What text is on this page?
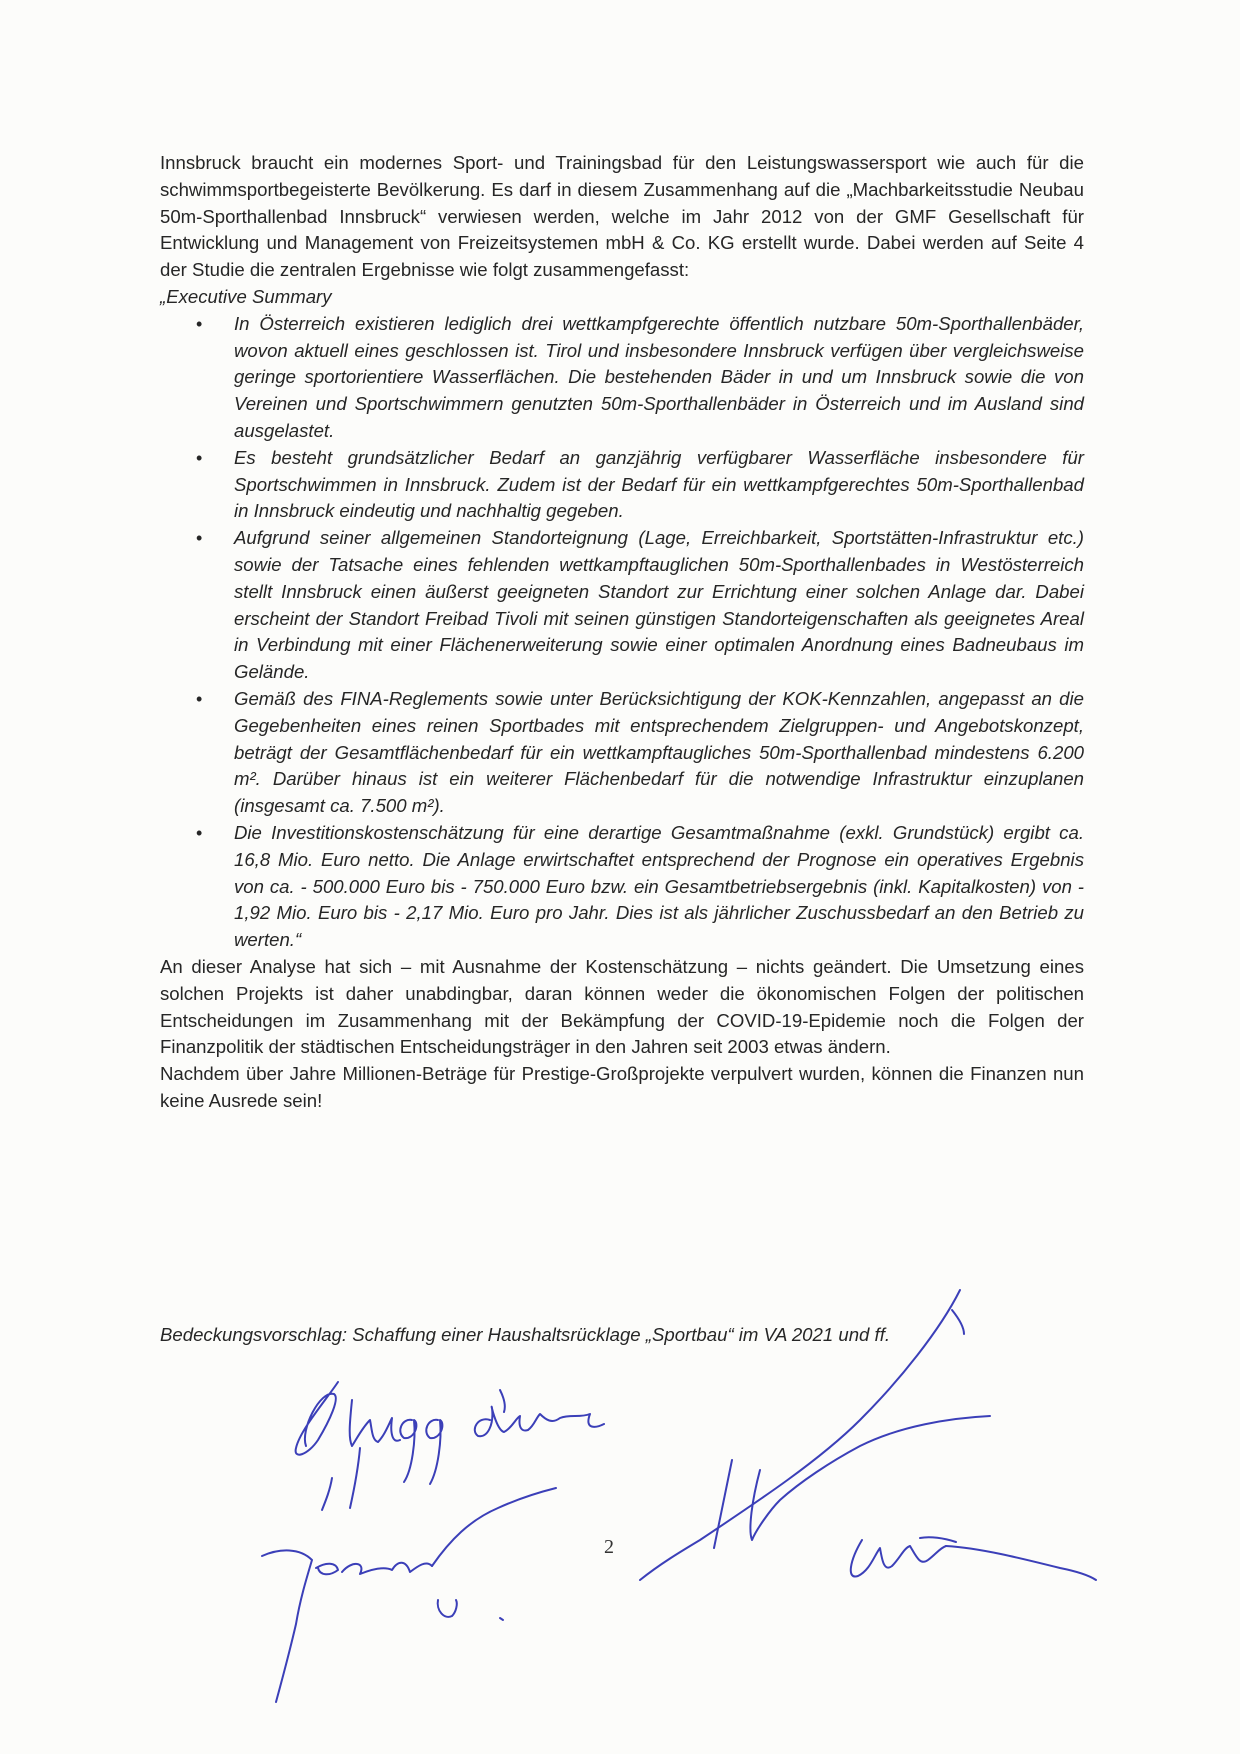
Innsbruck braucht ein modernes Sport- und Trainingsbad für den Leistungswassersport wie auch für die schwimmsportbegeisterte Bevölkerung. Es darf in diesem Zusammenhang auf die „Machbarkeitsstudie Neubau 50m-Sporthallenbad Innsbruck“ verwiesen werden, welche im Jahr 2012 von der GMF Gesellschaft für Entwicklung und Management von Freizeitsystemen mbH & Co. KG erstellt wurde. Dabei werden auf Seite 4 der Studie die zentralen Ergebnisse wie folgt zusammengefasst:

„Executive Summary

• In Österreich existieren lediglich drei wettkampfgerechte öffentlich nutzbare 50m-Sporthallenbäder, wovon aktuell eines geschlossen ist. Tirol und insbesondere Innsbruck verfügen über vergleichsweise geringe sportorientiere Wasserflächen. Die bestehenden Bäder in und um Innsbruck sowie die von Vereinen und Sportschwimmern genutzten 50m-Sporthallenbäder in Österreich und im Ausland sind ausgelastet.
• Es besteht grundsätzlicher Bedarf an ganzjährig verfügbarer Wasserfläche insbesondere für Sportschwimmen in Innsbruck. Zudem ist der Bedarf für ein wettkampfgerechtes 50m-Sporthallenbad in Innsbruck eindeutig und nachhaltig gegeben.
• Aufgrund seiner allgemeinen Standorteignung (Lage, Erreichbarkeit, Sportstätten-Infrastruktur etc.) sowie der Tatsache eines fehlenden wettkampftauglichen 50m-Sporthallenbades in Westösterreich stellt Innsbruck einen äußerst geeigneten Standort zur Errichtung einer solchen Anlage dar. Dabei erscheint der Standort Freibad Tivoli mit seinen günstigen Standorteigenschaften als geeignetes Areal in Verbindung mit einer Flächenerweiterung sowie einer optimalen Anordnung eines Badneubaus im Gelände.
• Gemäß des FINA-Reglements sowie unter Berücksichtigung der KOK-Kennzahlen, angepasst an die Gegebenheiten eines reinen Sportbades mit entsprechendem Zielgruppen- und Angebotskonzept, beträgt der Gesamtflächenbedarf für ein wettkampftaugliches 50m-Sporthallenbad mindestens 6.200 m². Darüber hinaus ist ein weiterer Flächenbedarf für die notwendige Infrastruktur einzuplanen (insgesamt ca. 7.500 m²).
• Die Investitionskostenschätzung für eine derartige Gesamtmaßnahme (exkl. Grundstück) ergibt ca. 16,8 Mio. Euro netto. Die Anlage erwirtschaftet entsprechend der Prognose ein operatives Ergebnis von ca. - 500.000 Euro bis - 750.000 Euro bzw. ein Gesamtbetriebsergebnis (inkl. Kapitalkosten) von - 1,92 Mio. Euro bis - 2,17 Mio. Euro pro Jahr. Dies ist als jährlicher Zuschussbedarf an den Betrieb zu werten.“

An dieser Analyse hat sich – mit Ausnahme der Kostenschätzung – nichts geändert. Die Umsetzung eines solchen Projekts ist daher unabdingbar, daran können weder die ökonomischen Folgen der politischen Entscheidungen im Zusammenhang mit der Bekämpfung der COVID-19-Epidemie noch die Folgen der Finanzpolitik der städtischen Entscheidungsträger in den Jahren seit 2003 etwas ändern.

Nachdem über Jahre Millionen-Beträge für Prestige-Großprojekte verpulvert wurden, können die Finanzen nun keine Ausrede sein!

Bedeckungsvorschlag: Schaffung einer Haushaltsrücklage „Sportbau“ im VA 2021 und ff.
2
